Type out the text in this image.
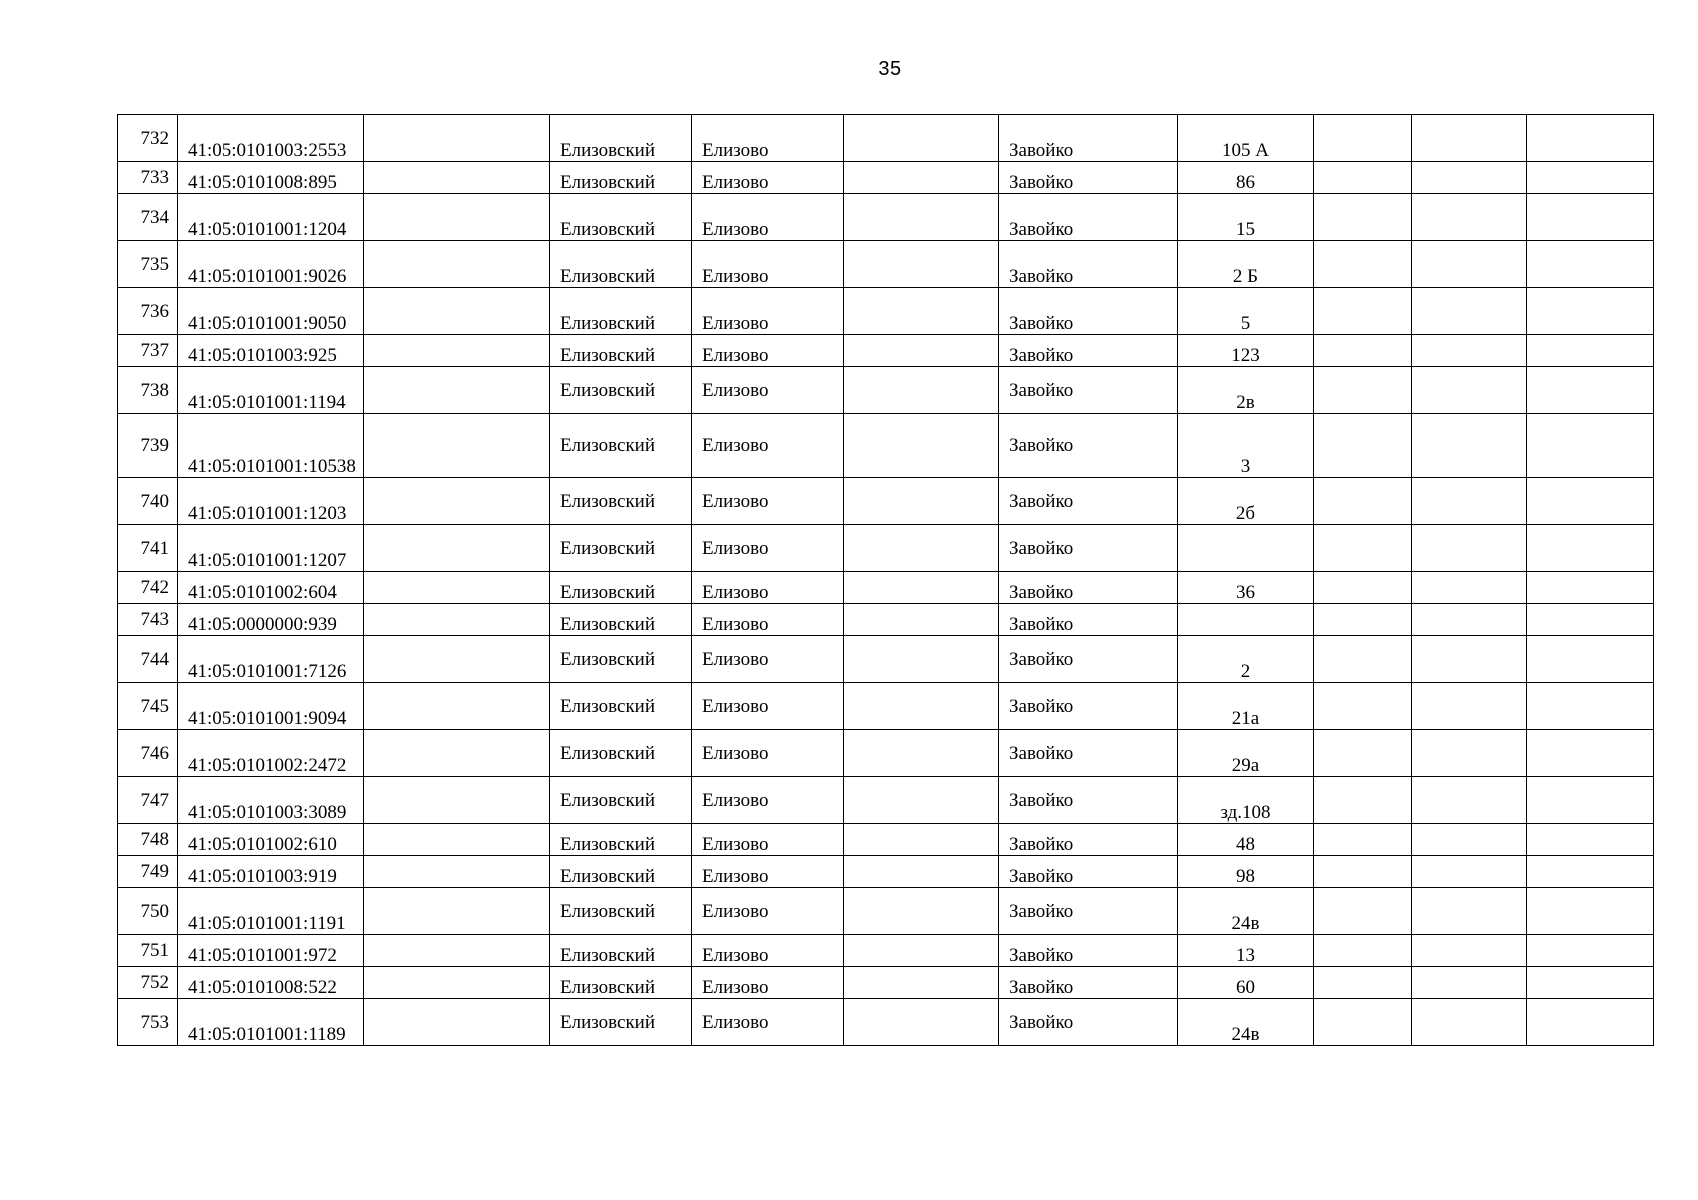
35
732	41:05:0101003:2553		Елизовский	Елизово		Завойко	105 А			
733	41:05:0101008:895		Елизовский	Елизово		Завойко	86			
734	41:05:0101001:1204		Елизовский	Елизово		Завойко	15			
735	41:05:0101001:9026		Елизовский	Елизово		Завойко	2 Б			
736	41:05:0101001:9050		Елизовский	Елизово		Завойко	5			
737	41:05:0101003:925		Елизовский	Елизово		Завойко	123			
738	41:05:0101001:1194		Елизовский	Елизово		Завойко	2в			
739	41:05:0101001:10538		Елизовский	Елизово		Завойко	3			
740	41:05:0101001:1203		Елизовский	Елизово		Завойко	2б			
741	41:05:0101001:1207		Елизовский	Елизово		Завойко				
742	41:05:0101002:604		Елизовский	Елизово		Завойко	36			
743	41:05:0000000:939		Елизовский	Елизово		Завойко				
744	41:05:0101001:7126		Елизовский	Елизово		Завойко	2			
745	41:05:0101001:9094		Елизовский	Елизово		Завойко	21а			
746	41:05:0101002:2472		Елизовский	Елизово		Завойко	29а			
747	41:05:0101003:3089		Елизовский	Елизово		Завойко	зд.108			
748	41:05:0101002:610		Елизовский	Елизово		Завойко	48			
749	41:05:0101003:919		Елизовский	Елизово		Завойко	98			
750	41:05:0101001:1191		Елизовский	Елизово		Завойко	24в			
751	41:05:0101001:972		Елизовский	Елизово		Завойко	13			
752	41:05:0101008:522		Елизовский	Елизово		Завойко	60			
753	41:05:0101001:1189		Елизовский	Елизово		Завойко	24в			
